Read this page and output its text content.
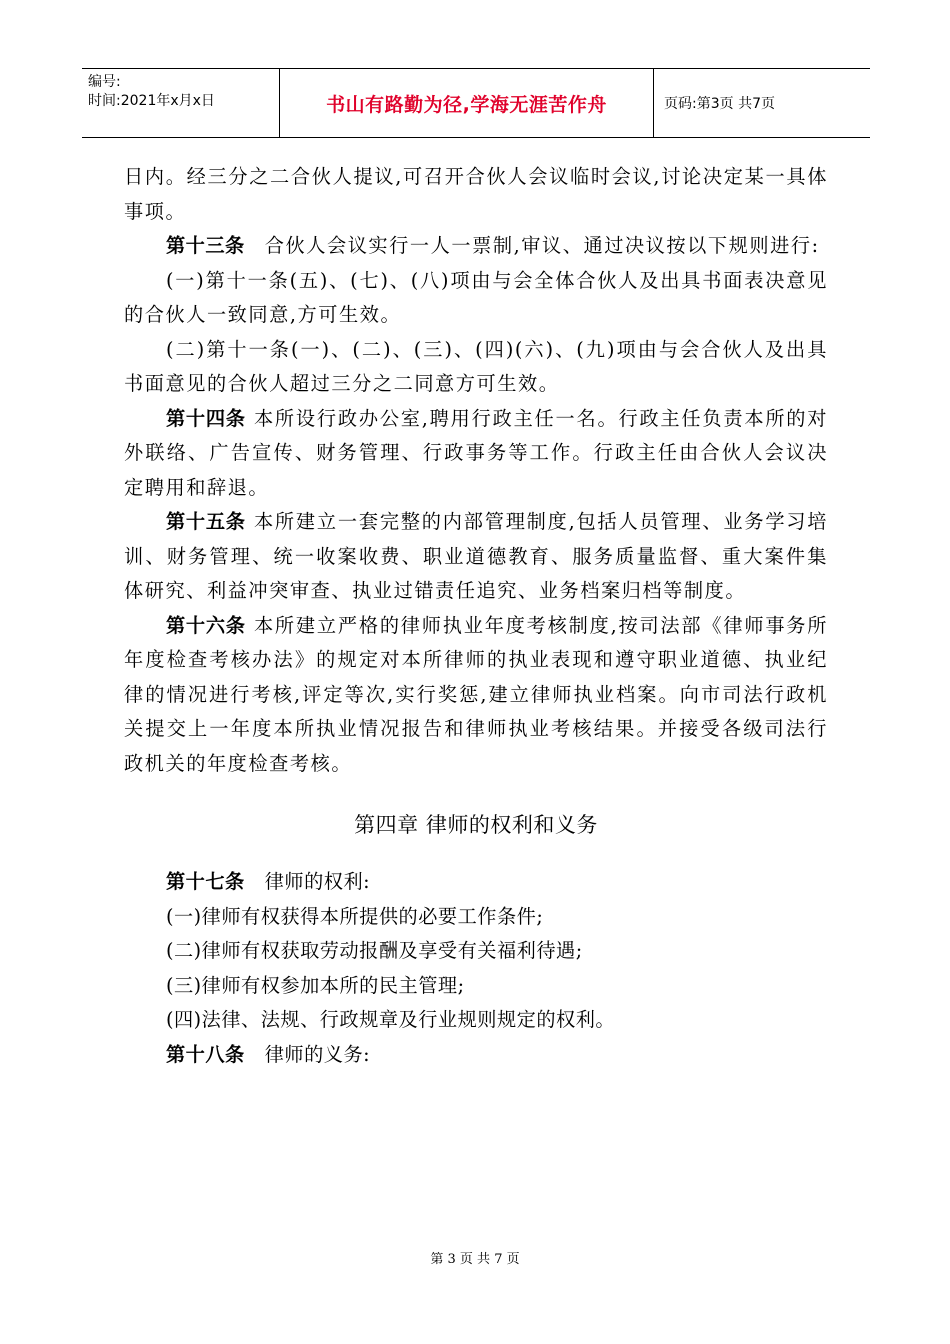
编号:
时间:2021年x月x日	书山有路勤为径,学海无涯苦作舟	页码:第3页 共7页

日内。经三分之二合伙人提议,可召开合伙人会议临时会议,讨论决定某一具体事项。

第十三条 合伙人会议实行一人一票制,审议、通过决议按以下规则进行:

(一)第十一条(五)、(七)、(八)项由与会全体合伙人及出具书面表决意见的合伙人一致同意,方可生效。

(二)第十一条(一)、(二)、(三)、(四)(六)、(九)项由与会合伙人及出具书面意见的合伙人超过三分之二同意方可生效。

第十四条 本所设行政办公室,聘用行政主任一名。行政主任负责本所的对外联络、广告宣传、财务管理、行政事务等工作。行政主任由合伙人会议决定聘用和辞退。

第十五条 本所建立一套完整的内部管理制度,包括人员管理、业务学习培训、财务管理、统一收案收费、职业道德教育、服务质量监督、重大案件集体研究、利益冲突审查、执业过错责任追究、业务档案归档等制度。

第十六条 本所建立严格的律师执业年度考核制度,按司法部《律师事务所年度检查考核办法》的规定对本所律师的执业表现和遵守职业道德、执业纪律的情况进行考核,评定等次,实行奖惩,建立律师执业档案。向市司法行政机关提交上一年度本所执业情况报告和律师执业考核结果。并接受各级司法行政机关的年度检查考核。

第四章 律师的权利和义务

第十七条 律师的权利:

(一)律师有权获得本所提供的必要工作条件;

(二)律师有权获取劳动报酬及享受有关福利待遇;

(三)律师有权参加本所的民主管理;

(四)法律、法规、行政规章及行业规则规定的权利。

第十八条 律师的义务:

第 3 页 共 7 页
